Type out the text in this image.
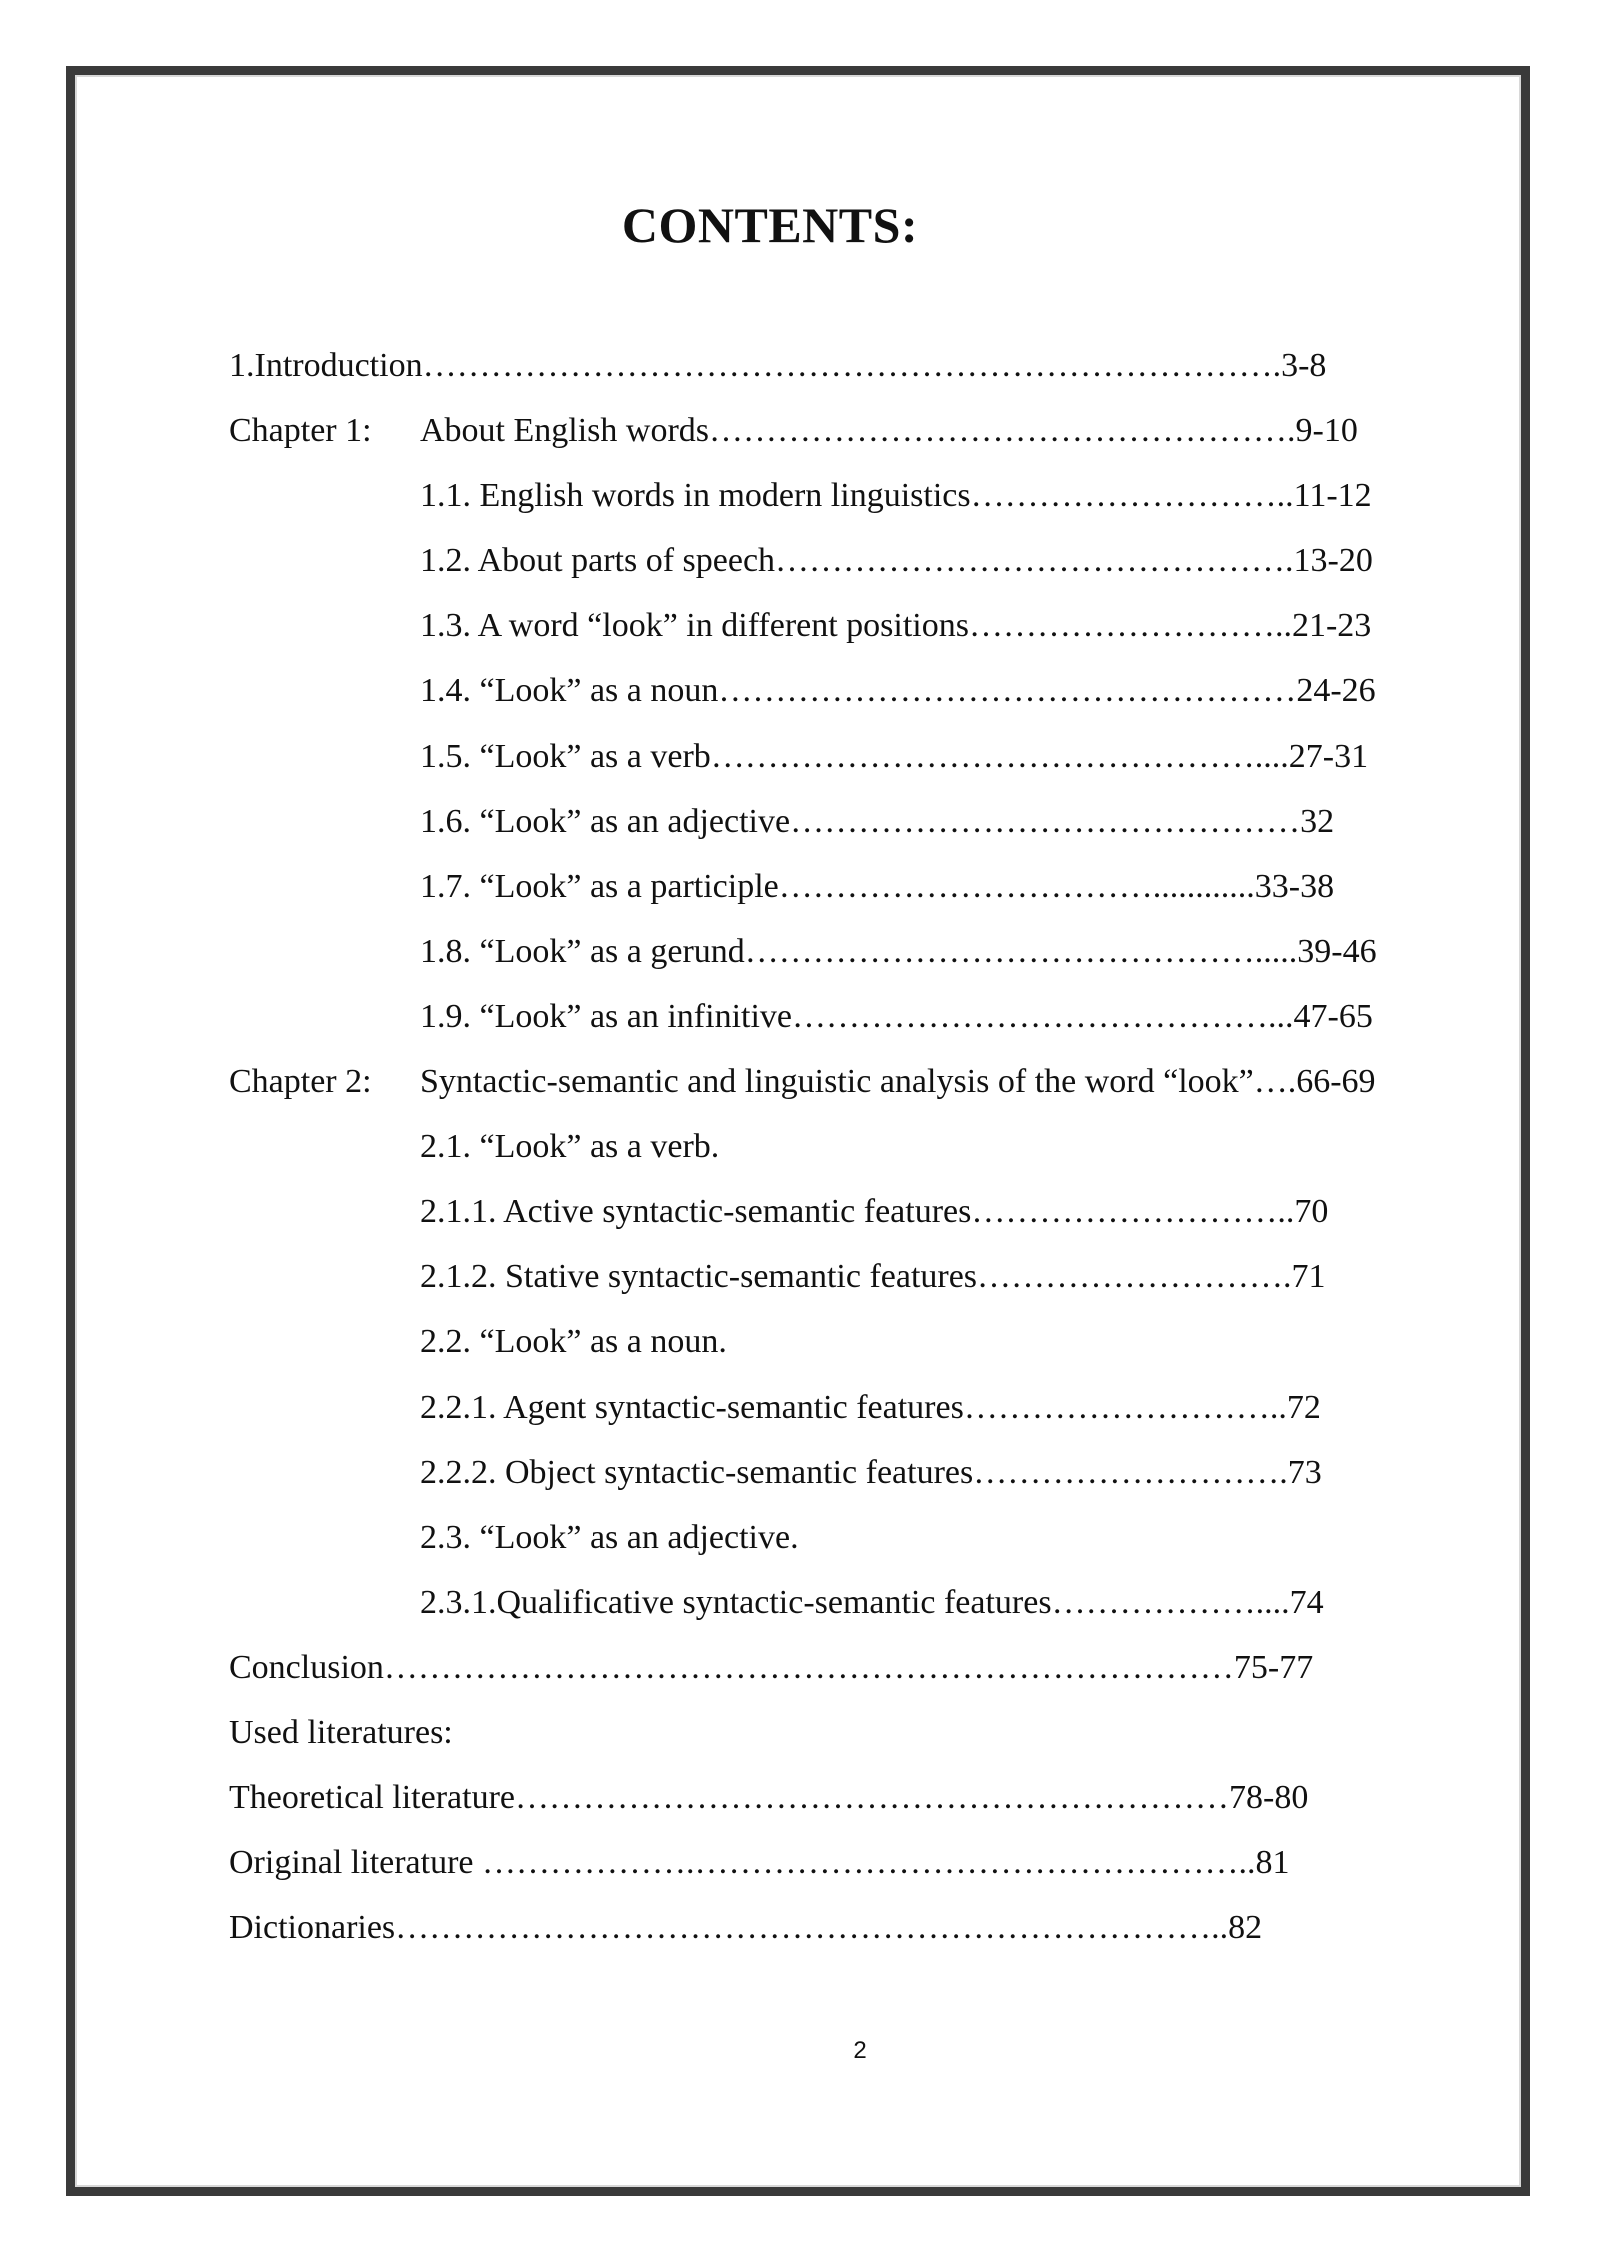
CONTENTS:
1.Introduction………………………………………………………………….3-8
Chapter 1: About English words…………………………………………….9-10
1.1. English words in modern linguistics………………………..11-12
1.2. About parts of speech……………………………………….13-20
1.3. A word “look” in different positions………………………..21-23
1.4. “Look” as a noun……………………………………………24-26
1.5. “Look” as a verb…………………………………………....27-31
1.6. “Look” as an adjective………………………………………32
1.7. “Look” as a participle……………………………............33-38
1.8. “Look” as a gerund……………………………………….....39-46
1.9. “Look” as an infinitive……………………………………...47-65
Chapter 2: Syntactic-semantic and linguistic analysis of the word “look”….66-69
2.1. “Look” as a verb.
2.1.1. Active syntactic-semantic features………………………..70
2.1.2. Stative syntactic-semantic features……………………….71
2.2. “Look” as a noun.
2.2.1. Agent syntactic-semantic features………………………..72
2.2.2. Object syntactic-semantic features……………………….73
2.3. “Look” as an adjective.
2.3.1.Qualificative syntactic-semantic features………………....74
Conclusion…………………………………………………………………75-77
Used literatures:
Theoretical literature………………………………………………………78-80
Original literature ……………….…………………………………………..81
Dictionaries………………………………………………………………..82
2
